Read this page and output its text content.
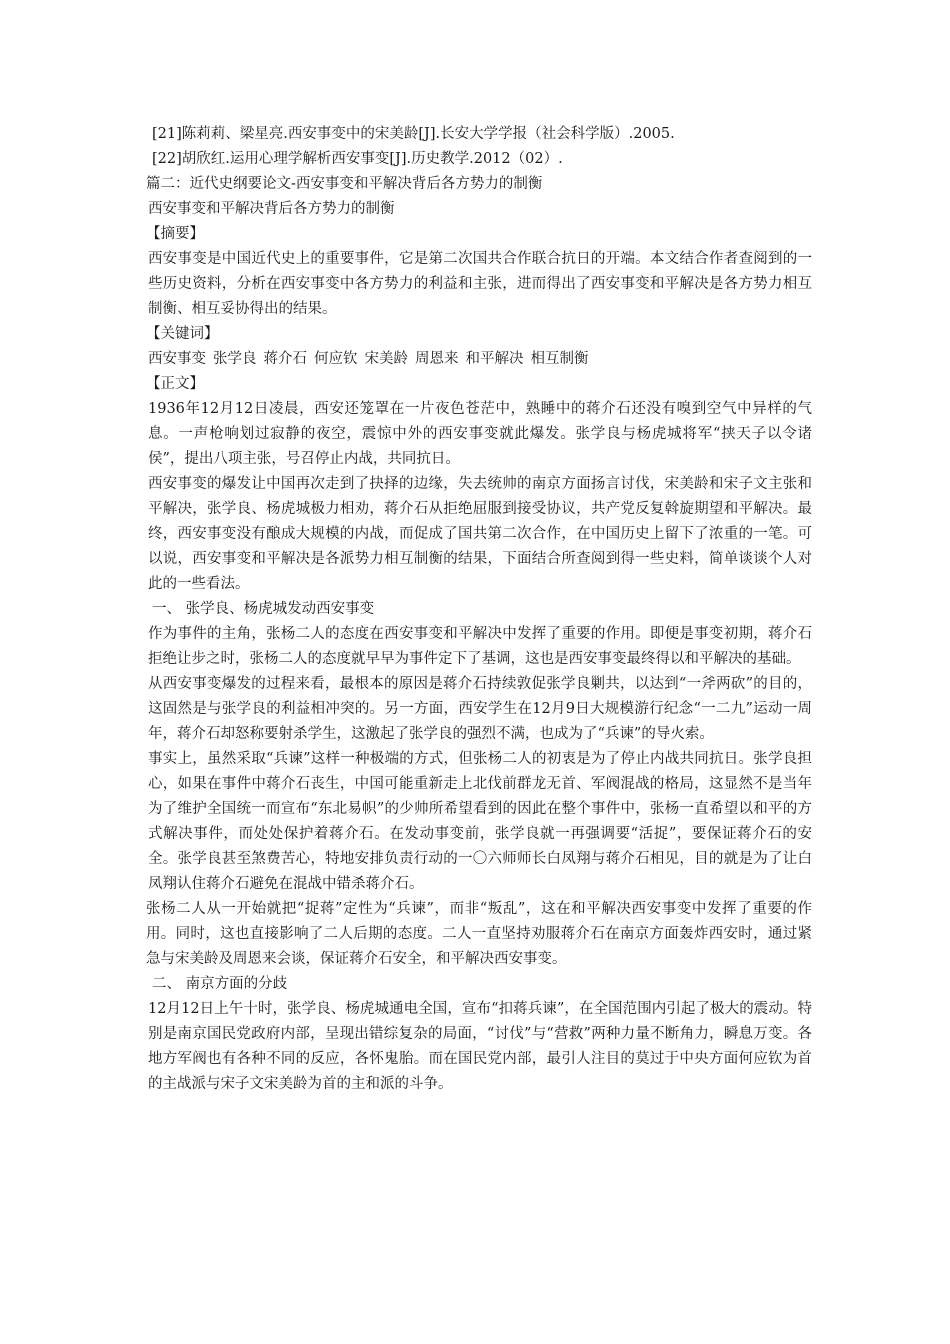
[21]陈莉莉、梁星亮.西安事变中的宋美龄[J].长安大学学报（社会科学版）.2005.

[22]胡欣红.运用心理学解析西安事变[J].历史教学.2012（02）.

篇二：近代史纲要论文-西安事变和平解决背后各方势力的制衡

西安事变和平解决背后各方势力的制衡

【摘要】

西安事变是中国近代史上的重要事件，它是第二次国共合作联合抗日的开端。本文结合作者查阅到的一些历史资料，分析在西安事变中各方势力的利益和主张，进而得出了西安事变和平解决是各方势力相互制衡、相互妥协得出的结果。

【关键词】

西安事变 张学良 蒋介石 何应钦 宋美龄 周恩来 和平解决 相互制衡

【正文】

1936年12月12日凌晨，西安还笼罩在一片夜色苍茫中，熟睡中的蒋介石还没有嗅到空气中异样的气息。一声枪响划过寂静的夜空，震惊中外的西安事变就此爆发。张学良与杨虎城将军“挟天子以令诸侯”，提出八项主张，号召停止内战，共同抗日。

西安事变的爆发让中国再次走到了抉择的边缘，失去统帅的南京方面扬言讨伐，宋美龄和宋子文主张和平解决，张学良、杨虎城极力相劝，蒋介石从拒绝屈服到接受协议，共产党反复斡旋期望和平解决。最终，西安事变没有酿成大规模的内战，而促成了国共第二次合作，在中国历史上留下了浓重的一笔。可以说，西安事变和平解决是各派势力相互制衡的结果，下面结合所查阅到得一些史料，简单谈谈个人对此的一些看法。

一、 张学良、杨虎城发动西安事变

作为事件的主角，张杨二人的态度在西安事变和平解决中发挥了重要的作用。即便是事变初期，蒋介石拒绝让步之时，张杨二人的态度就早早为事件定下了基调，这也是西安事变最终得以和平解决的基础。

从西安事变爆发的过程来看，最根本的原因是蒋介石持续敦促张学良剿共，以达到“一斧两砍”的目的，这固然是与张学良的利益相冲突的。另一方面，西安学生在12月9日大规模游行纪念“一二九”运动一周年，蒋介石却怒称要射杀学生，这激起了张学良的强烈不满，也成为了“兵谏”的导火索。

事实上，虽然采取“兵谏”这样一种极端的方式，但张杨二人的初衷是为了停止内战共同抗日。张学良担心，如果在事件中蒋介石丧生，中国可能重新走上北伐前群龙无首、军阀混战的格局，这显然不是当年为了维护全国统一而宣布“东北易帜”的少帅所希望看到的因此在整个事件中，张杨一直希望以和平的方式解决事件，而处处保护着蒋介石。在发动事变前，张学良就一再强调要“活捉”，要保证蒋介石的安全。张学良甚至煞费苦心，特地安排负责行动的一〇六师师长白凤翔与蒋介石相见，目的就是为了让白凤翔认住蒋介石避免在混战中错杀蒋介石。

张杨二人从一开始就把“捉蒋”定性为“兵谏”，而非“叛乱”，这在和平解决西安事变中发挥了重要的作用。同时，这也直接影响了二人后期的态度。二人一直坚持劝服蒋介石在南京方面轰炸西安时，通过紧急与宋美龄及周恩来会谈，保证蒋介石安全，和平解决西安事变。

二、 南京方面的分歧

12月12日上午十时，张学良、杨虎城通电全国，宣布“扣蒋兵谏”，在全国范围内引起了极大的震动。特别是南京国民党政府内部，呈现出错综复杂的局面，“讨伐”与“营救”两种力量不断角力，瞬息万变。各地方军阀也有各种不同的反应，各怀鬼胎。而在国民党内部，最引人注目的莫过于中央方面何应钦为首的主战派与宋子文宋美龄为首的主和派的斗争。
